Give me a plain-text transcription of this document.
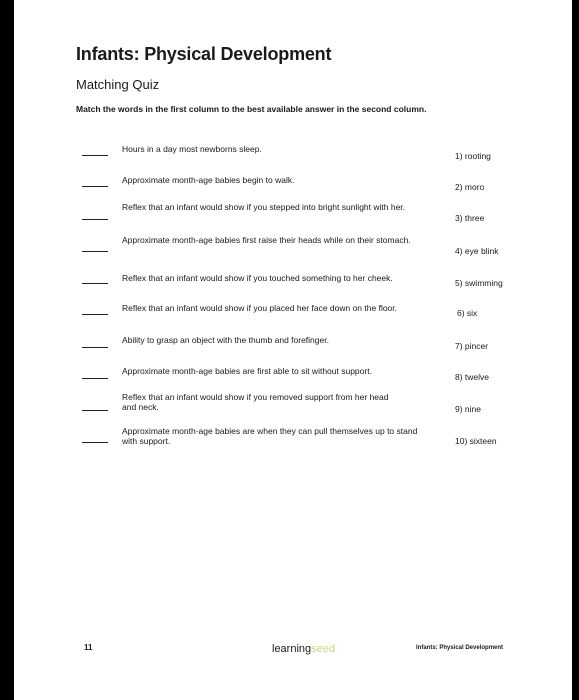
Infants: Physical Development
Matching Quiz
Match the words in the first column to the best available answer in the second column.
Hours in a day most newborns sleep.
1) rooting
Approximate month-age babies begin to walk.
2) moro
Reflex that an infant would show if you stepped into bright sunlight with her.
3) three
Approximate month-age babies first raise their heads while on their stomach.
4) eye blink
Reflex that an infant would show if you touched something to her cheek.	5) swimming
Reflex that an infant would show if you placed her face down on the floor.	6) six
Ability to grasp an object with the thumb and forefinger.
7) pincer
Approximate month-age babies are first able to sit without support.
8) twelve
Reflex that an infant would show if you removed support from her head and neck.	9) nine
Approximate month-age babies are when they can pull themselves up to stand with support.	10) sixteen
11	learningseed	Infants: Physical Development
